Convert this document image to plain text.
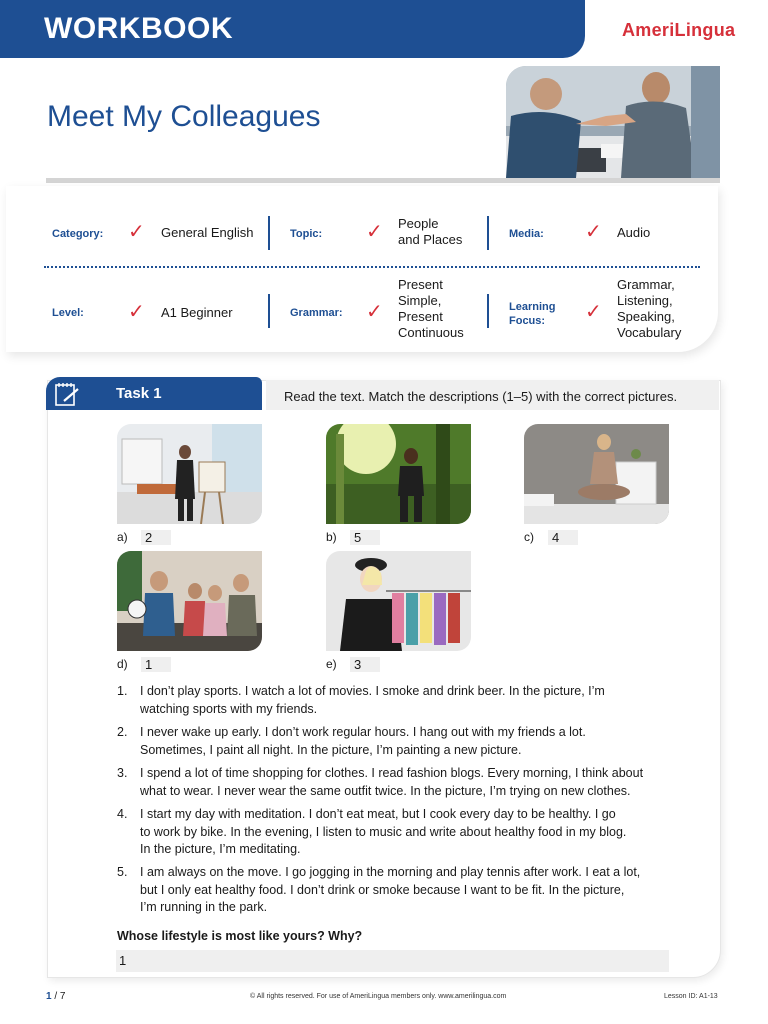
WORKBOOK	AmeriLingua
Meet My Colleagues
Category: ✓ General English	Topic: ✓ People
and Places	Media: ✓ Audio
Level: ✓ A1 Beginner	Grammar: ✓
Present
Simple,
Present
Continuous
Learning
Focus:	✓
Grammar,
Listening,
Speaking,
Vocabulary
Task 1	Read the text. Match the descriptions (1–5) with the correct pictures.
a)	2	b)	5	c)	4
d)	1	e)	3
1. I don’t play sports. I watch a lot of movies. I smoke and drink beer. In the picture, I’m
watching sports with my friends.
2. I never wake up early. I don’t work regular hours. I hang out with my friends a lot.
Sometimes, I paint all night. In the picture, I’m painting a new picture.
3. I spend a lot of time shopping for clothes. I read fashion blogs. Every morning, I think about
what to wear. I never wear the same outfit twice. In the picture, I’m trying on new clothes.
4. I start my day with meditation. I don’t eat meat, but I cook every day to be healthy. I go
to work by bike. In the evening, I listen to music and write about healthy food in my blog.
In the picture, I’m meditating.
5. I am always on the move. I go jogging in the morning and play tennis after work. I eat a lot,
but I only eat healthy food. I don’t drink or smoke because I want to be fit. In the picture,
I’m running in the park.
Whose lifestyle is most like yours? Why?
1
1 / 7	© All rights reserved. For use of AmeriLingua members only. www.amerilingua.com	Lesson ID: A1-13
